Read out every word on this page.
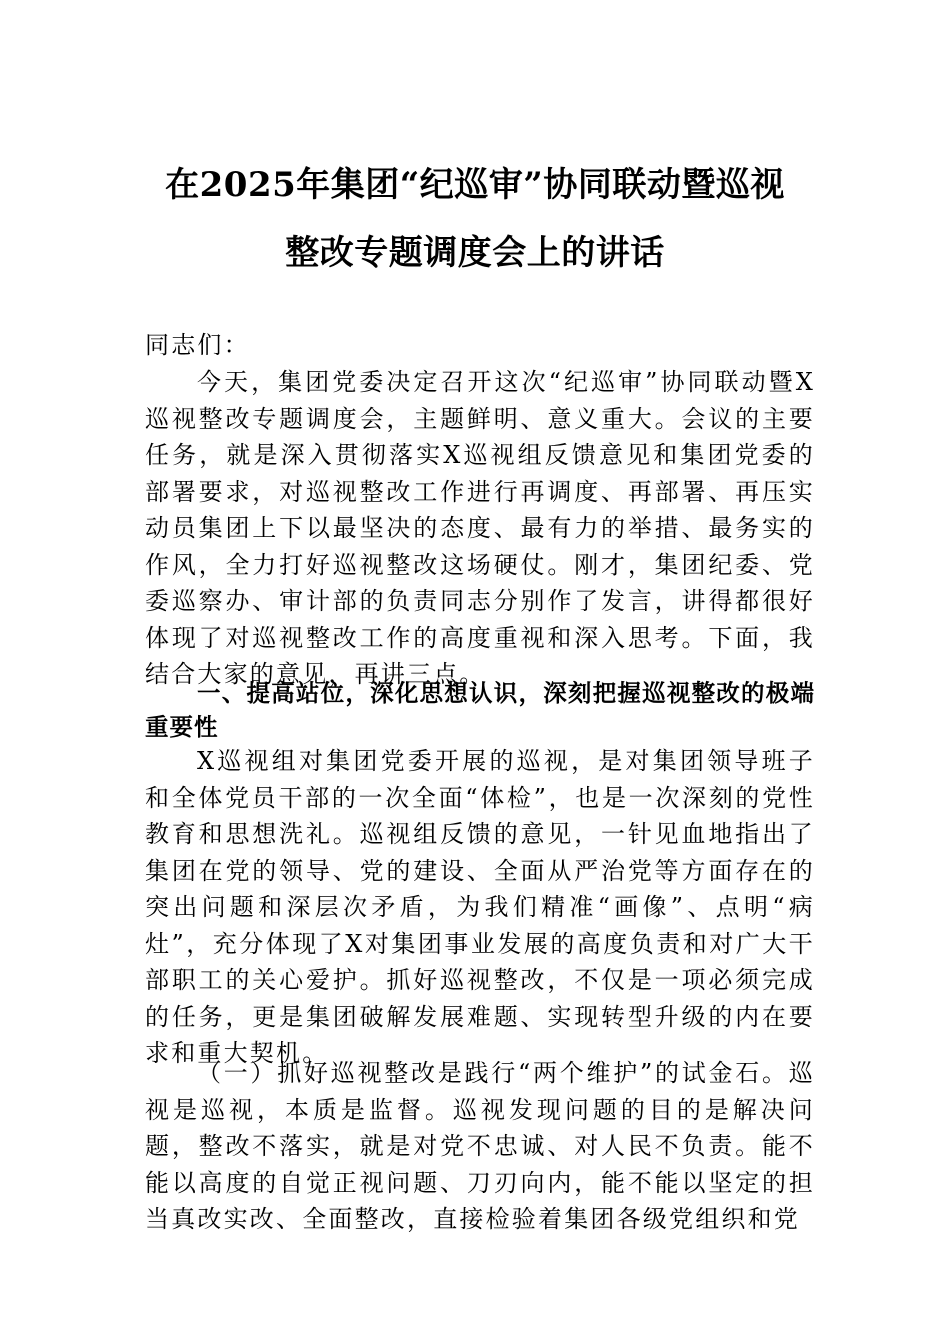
在2025年集团“纪巡审”协同联动暨巡视
整改专题调度会上的讲话
同志们：
今天，集团党委决定召开这次“纪巡审”协同联动暨X巡视整改专题调度会，主题鲜明、意义重大。会议的主要任务，就是深入贯彻落实X巡视组反馈意见和集团党委的部署要求，对巡视整改工作进行再调度、再部署、再压实动员集团上下以最坚决的态度、最有力的举措、最务实的作风，全力打好巡视整改这场硬仗。刚才，集团纪委、党委巡察办、审计部的负责同志分别作了发言，讲得都很好体现了对巡视整改工作的高度重视和深入思考。下面，我结合大家的意见，再讲三点。
一、提高站位，深化思想认识，深刻把握巡视整改的极端重要性
X巡视组对集团党委开展的巡视，是对集团领导班子和全体党员干部的一次全面“体检”，也是一次深刻的党性教育和思想洗礼。巡视组反馈的意见，一针见血地指出了集团在党的领导、党的建设、全面从严治党等方面存在的突出问题和深层次矛盾，为我们精准“画像”、点明“病灶”，充分体现了X对集团事业发展的高度负责和对广大干部职工的关心爱护。抓好巡视整改，不仅是一项必须完成的任务，更是集团破解发展难题、实现转型升级的内在要求和重大契机。
（一）抓好巡视整改是践行“两个维护”的试金石。巡视是巡视，本质是监督。巡视发现问题的目的是解决问题，整改不落实，就是对党不忠诚、对人民不负责。能不能以高度的自觉正视问题、刀刃向内，能不能以坚定的担当真改实改、全面整改，直接检验着集团各级党组织和党
